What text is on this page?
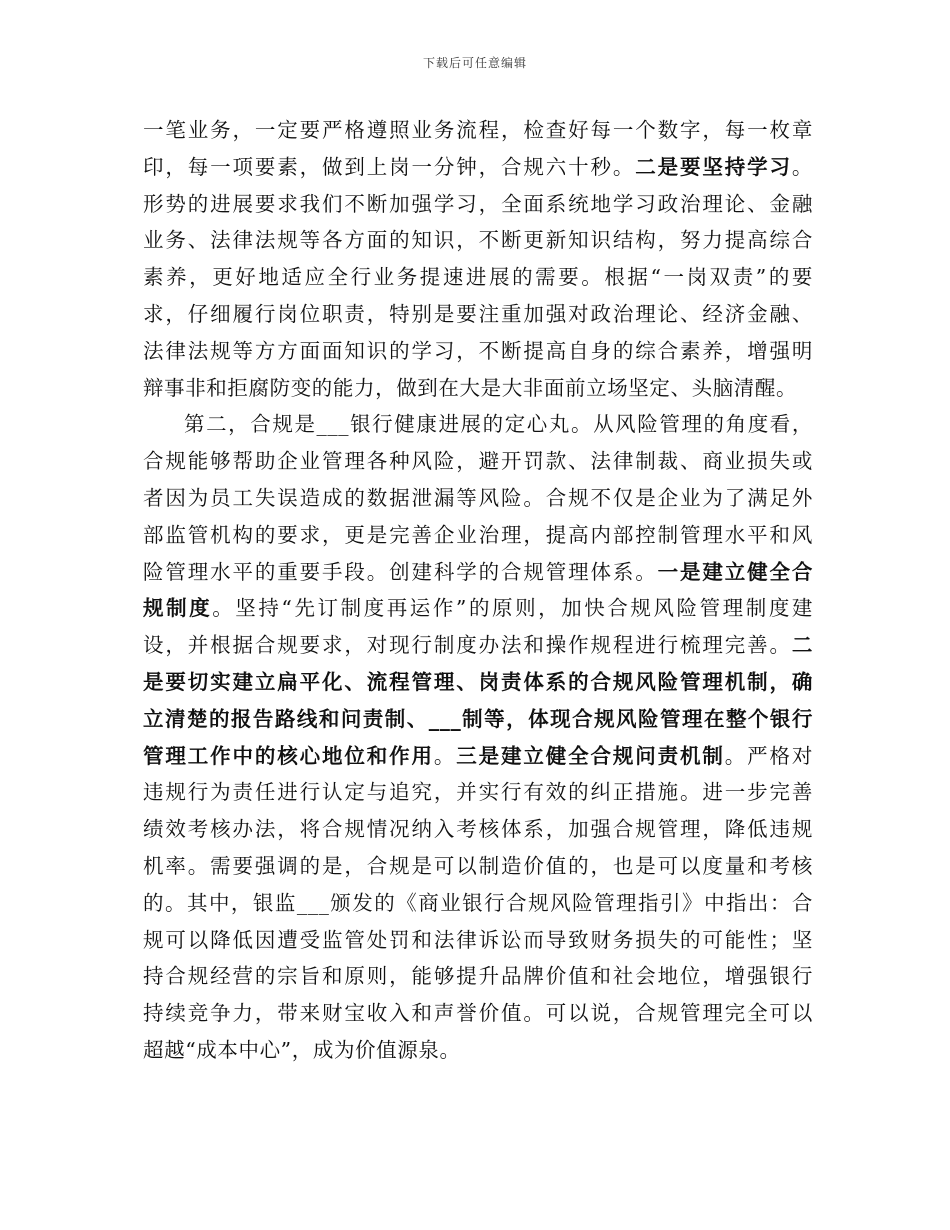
下载后可任意编辑
一笔业务，一定要严格遵照业务流程，检查好每一个数字，每一枚章
印，每一项要素，做到上岗一分钟，合规六十秒。二是要坚持学习。
形势的进展要求我们不断加强学习，全面系统地学习政治理论、金融
业务、法律法规等各方面的知识，不断更新知识结构，努力提高综合
素养，更好地适应全行业务提速进展的需要。根据“一岗双责”的要
求，仔细履行岗位职责，特别是要注重加强对政治理论、经济金融、
法律法规等方方面面知识的学习，不断提高自身的综合素养，增强明
辩事非和拒腐防变的能力，做到在大是大非面前立场坚定、头脑清醒。
第二，合规是___银行健康进展的定心丸。从风险管理的角度看，
合规能够帮助企业管理各种风险，避开罚款、法律制裁、商业损失或
者因为员工失误造成的数据泄漏等风险。合规不仅是企业为了满足外
部监管机构的要求，更是完善企业治理，提高内部控制管理水平和风
险管理水平的重要手段。创建科学的合规管理体系。一是建立健全合
规制度。坚持“先订制度再运作”的原则，加快合规风险管理制度建
设，并根据合规要求，对现行制度办法和操作规程进行梳理完善。二
是要切实建立扁平化、流程管理、岗责体系的合规风险管理机制，确
立清楚的报告路线和问责制、___制等，体现合规风险管理在整个银行
管理工作中的核心地位和作用。三是建立健全合规问责机制。严格对
违规行为责任进行认定与追究，并实行有效的纠正措施。进一步完善
绩效考核办法，将合规情况纳入考核体系，加强合规管理，降低违规
机率。需要强调的是，合规是可以制造价值的，也是可以度量和考核
的。其中，银监___颁发的《商业银行合规风险管理指引》中指出：合
规可以降低因遭受监管处罚和法律诉讼而导致财务损失的可能性；坚
持合规经营的宗旨和原则，能够提升品牌价值和社会地位，增强银行
持续竞争力，带来财宝收入和声誉价值。可以说，合规管理完全可以
超越“成本中心”，成为价值源泉。
